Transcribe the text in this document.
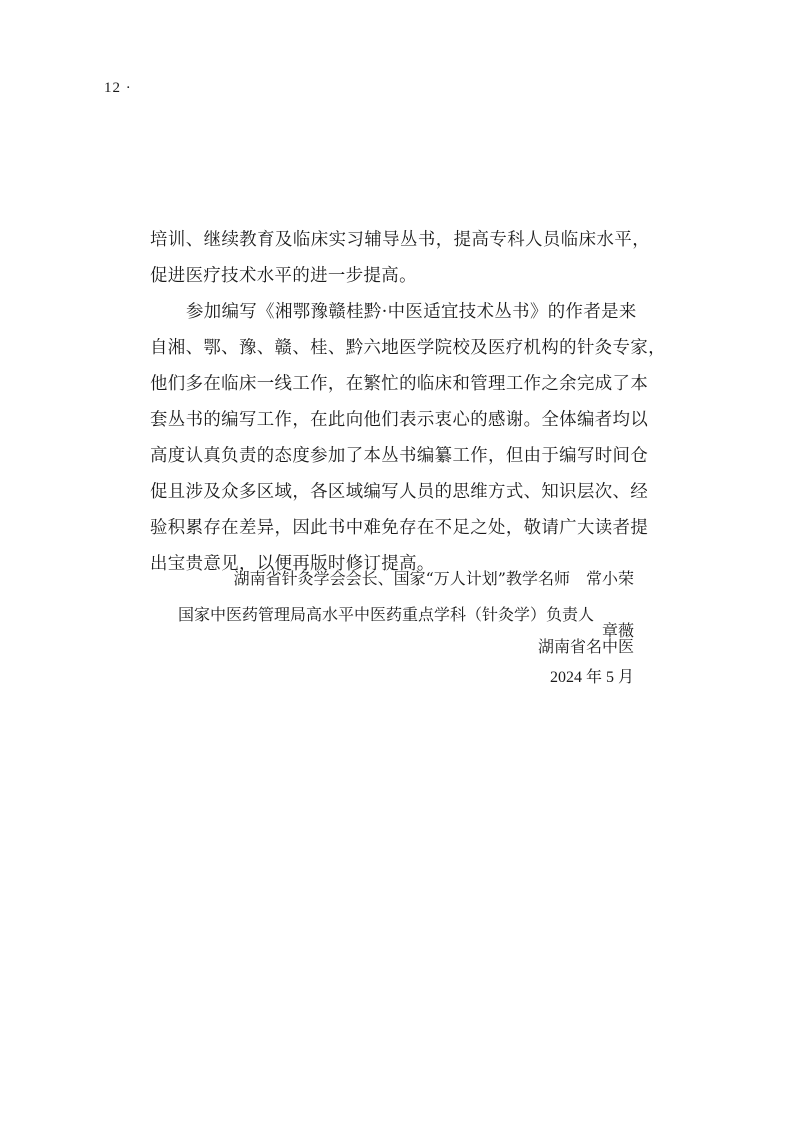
12 ·
培训、继续教育及临床实习辅导丛书，提高专科人员临床水平，
促进医疗技术水平的进一步提高。
参加编写《湘鄂豫赣桂黔·中医适宜技术丛书》的作者是来
自湘、鄂、豫、赣、桂、黔六地医学院校及医疗机构的针灸专家，
他们多在临床一线工作，在繁忙的临床和管理工作之余完成了本
套丛书的编写工作，在此向他们表示衷心的感谢。全体编者均以
高度认真负责的态度参加了本丛书编纂工作，但由于编写时间仓
促且涉及众多区域，各区域编写人员的思维方式、知识层次、经
验积累存在差异，因此书中难免存在不足之处，敬请广大读者提
出宝贵意见，以便再版时修订提高。
湖南省针灸学会会长、国家“万人计划”教学名师　常小荣
国家中医药管理局高水平中医药重点学科（针灸学）负责人
章薇
湖南省名中医
2024 年 5 月
